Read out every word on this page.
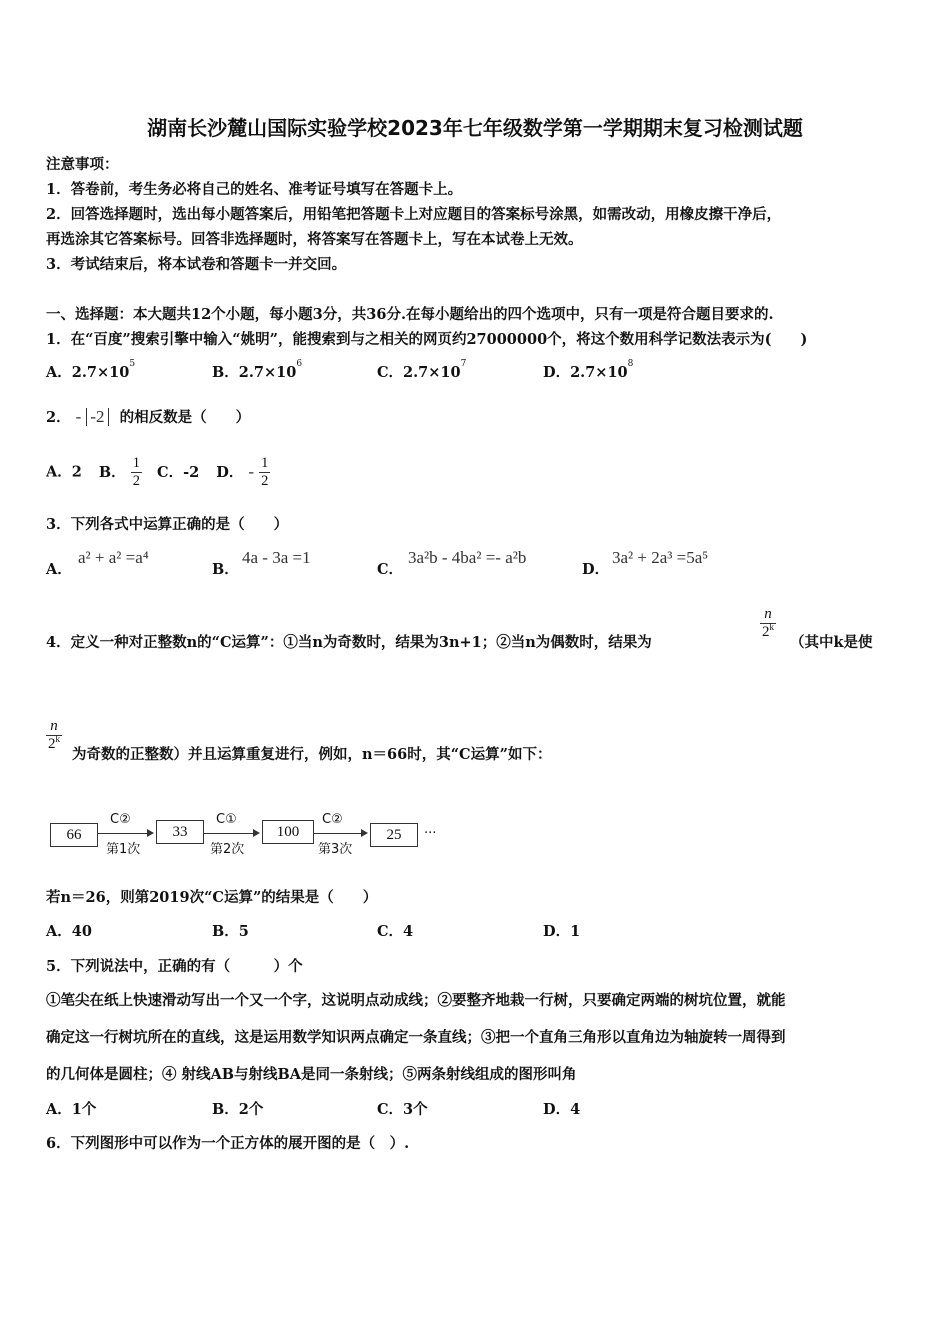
湖南长沙麓山国际实验学校2023年七年级数学第一学期期末复习检测试题
注意事项：
1．答卷前，考生务必将自己的姓名、准考证号填写在答题卡上。
2．回答选择题时，选出每小题答案后，用铅笔把答题卡上对应题目的答案标号涂黑，如需改动，用橡皮擦干净后，
再选涂其它答案标号。回答非选择题时，将答案写在答题卡上，写在本试卷上无效。
3．考试结束后，将本试卷和答题卡一并交回。
一、选择题：本大题共12个小题，每小题3分，共36分.在每小题给出的四个选项中，只有一项是符合题目要求的.
1．在“百度”搜索引擎中输入“姚明”，能搜索到与之相关的网页约27000000个，将这个数用科学记数法表示为(　　)
A．$2.7\times 10^5$	B．$2.7\times 10^6$	C．$2.7\times 10^7$	D．$2.7\times 10^8$
2． - -2 的相反数是（　　）
A．2 B． $\frac{1}{2}$ C．-2 D． - $\frac{1}{2}$
3．下列各式中运算正确的是（　　）
A．
a² + a² =a⁴
B．
4a - 3a =1
C．
3a²b - 4ba² =- a²b
D．
3a² + 2a³ =5a⁵
4．定义一种对正整数n的“C运算”：①当n为奇数时，结果为3n+1；②当n为偶数时，结果为
$\frac{n}{2^k}$
（其中k是使
$\frac{n}{2^k}$
为奇数的正整数）并且运算重复进行，例如，n＝66时，其“C运算”如下：
66
C②
第1次
33
C①
第2次
100
C②
第3次
25	···
若n＝26，则第2019次“C运算”的结果是（　　）
A．40	B．5	C．4	D．1
5．下列说法中，正确的有（　　　）个
①笔尖在纸上快速滑动写出一个又一个字，这说明点动成线；②要整齐地栽一行树，只要确定两端的树坑位置，就能
确定这一行树坑所在的直线，这是运用数学知识两点确定一条直线；③把一个直角三角形以直角边为轴旋转一周得到
的几何体是圆柱；④ 射线AB与射线BA是同一条射线；⑤两条射线组成的图形叫角
A．1个	B．2个	C．3个	D．4
6．下列图形中可以作为一个正方体的展开图的是（　）.
